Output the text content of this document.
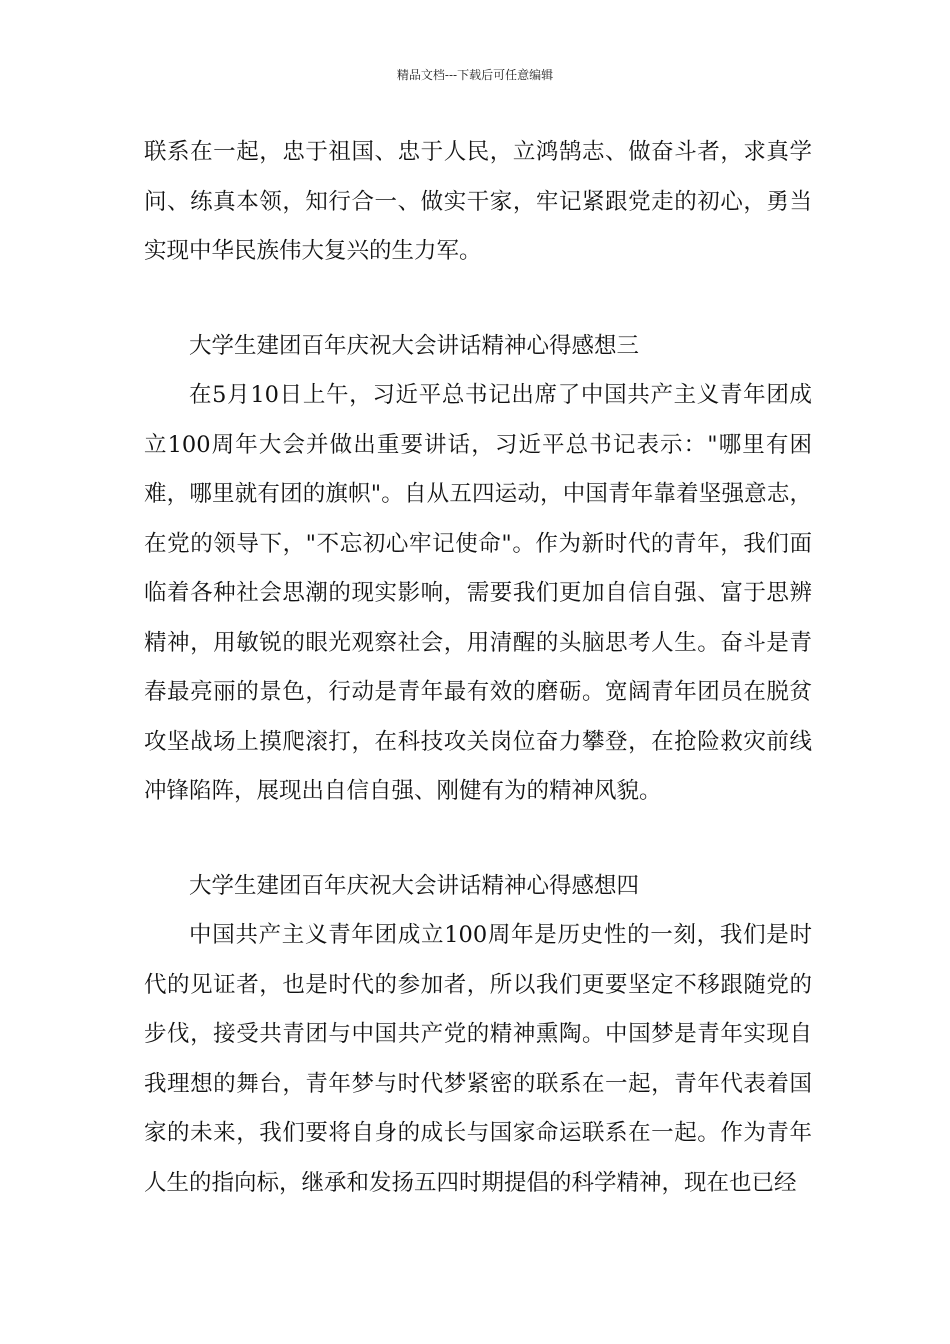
精品文档---下载后可任意编辑

联系在一起，忠于祖国、忠于人民，立鸿鹄志、做奋斗者，求真学问、练真本领，知行合一、做实干家，牢记紧跟党走的初心，勇当实现中华民族伟大复兴的生力军。

大学生建团百年庆祝大会讲话精神心得感想三

在5月10日上午，习近平总书记出席了中国共产主义青年团成立100周年大会并做出重要讲话，习近平总书记表示："哪里有困难，哪里就有团的旗帜"。自从五四运动，中国青年靠着坚强意志，在党的领导下，"不忘初心牢记使命"。作为新时代的青年，我们面临着各种社会思潮的现实影响，需要我们更加自信自强、富于思辨精神，用敏锐的眼光观察社会，用清醒的头脑思考人生。奋斗是青春最亮丽的景色，行动是青年最有效的磨砺。宽阔青年团员在脱贫攻坚战场上摸爬滚打，在科技攻关岗位奋力攀登，在抢险救灾前线冲锋陷阵，展现出自信自强、刚健有为的精神风貌。

大学生建团百年庆祝大会讲话精神心得感想四

中国共产主义青年团成立100周年是历史性的一刻，我们是时代的见证者，也是时代的参加者，所以我们更要坚定不移跟随党的步伐，接受共青团与中国共产党的精神熏陶。中国梦是青年实现自我理想的舞台，青年梦与时代梦紧密的联系在一起，青年代表着国家的未来，我们要将自身的成长与国家命运联系在一起。作为青年人生的指向标，继承和发扬五四时期提倡的科学精神，现在也已经
